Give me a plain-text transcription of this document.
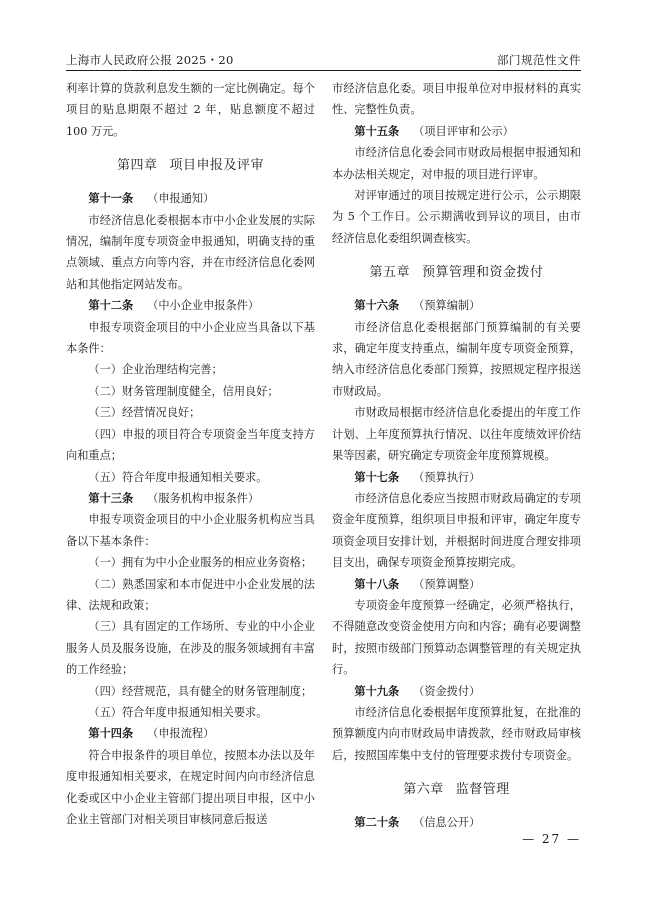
上海市人民政府公报 2025・20	部门规范性文件

利率计算的贷款利息发生额的一定比例确定。每个项目的贴息期限不超过 2 年，贴息额度不超过 100 万元。

第四章 项目申报及评审

第十一条 （申报通知）

市经济信息化委根据本市中小企业发展的实际情况，编制年度专项资金申报通知，明确支持的重点领域、重点方向等内容，并在市经济信息化委网站和其他指定网站发布。

第十二条 （中小企业申报条件）

申报专项资金项目的中小企业应当具备以下基本条件：

（一）企业治理结构完善；

（二）财务管理制度健全，信用良好；

（三）经营情况良好；

（四）申报的项目符合专项资金当年度支持方向和重点；

（五）符合年度申报通知相关要求。

第十三条 （服务机构申报条件）

申报专项资金项目的中小企业服务机构应当具备以下基本条件：

（一）拥有为中小企业服务的相应业务资格；

（二）熟悉国家和本市促进中小企业发展的法律、法规和政策；

（三）具有固定的工作场所、专业的中小企业服务人员及服务设施，在涉及的服务领域拥有丰富的工作经验；

（四）经营规范，具有健全的财务管理制度；

（五）符合年度申报通知相关要求。

第十四条 （申报流程）

符合申报条件的项目单位，按照本办法以及年度申报通知相关要求，在规定时间内向市经济信息化委或区中小企业主管部门提出项目申报，区中小企业主管部门对相关项目审核同意后报送

市经济信息化委。项目申报单位对申报材料的真实性、完整性负责。

第十五条 （项目评审和公示）

市经济信息化委会同市财政局根据申报通知和本办法相关规定，对申报的项目进行评审。

对评审通过的项目按规定进行公示，公示期限为 5 个工作日。公示期满收到异议的项目，由市经济信息化委组织调查核实。

第五章 预算管理和资金拨付

第十六条 （预算编制）

市经济信息化委根据部门预算编制的有关要求，确定年度支持重点，编制年度专项资金预算，纳入市经济信息化委部门预算，按照规定程序报送市财政局。

市财政局根据市经济信息化委提出的年度工作计划、上年度预算执行情况、以往年度绩效评价结果等因素，研究确定专项资金年度预算规模。

第十七条 （预算执行）

市经济信息化委应当按照市财政局确定的专项资金年度预算，组织项目申报和评审，确定年度专项资金项目安排计划，并根据时间进度合理安排项目支出，确保专项资金预算按期完成。

第十八条 （预算调整）

专项资金年度预算一经确定，必须严格执行，不得随意改变资金使用方向和内容；确有必要调整时，按照市级部门预算动态调整管理的有关规定执行。

第十九条 （资金拨付）

市经济信息化委根据年度预算批复，在批准的预算额度内向市财政局申请拨款，经市财政局审核后，按照国库集中支付的管理要求拨付专项资金。

第六章 监督管理

第二十条 （信息公开）

— 27 —
